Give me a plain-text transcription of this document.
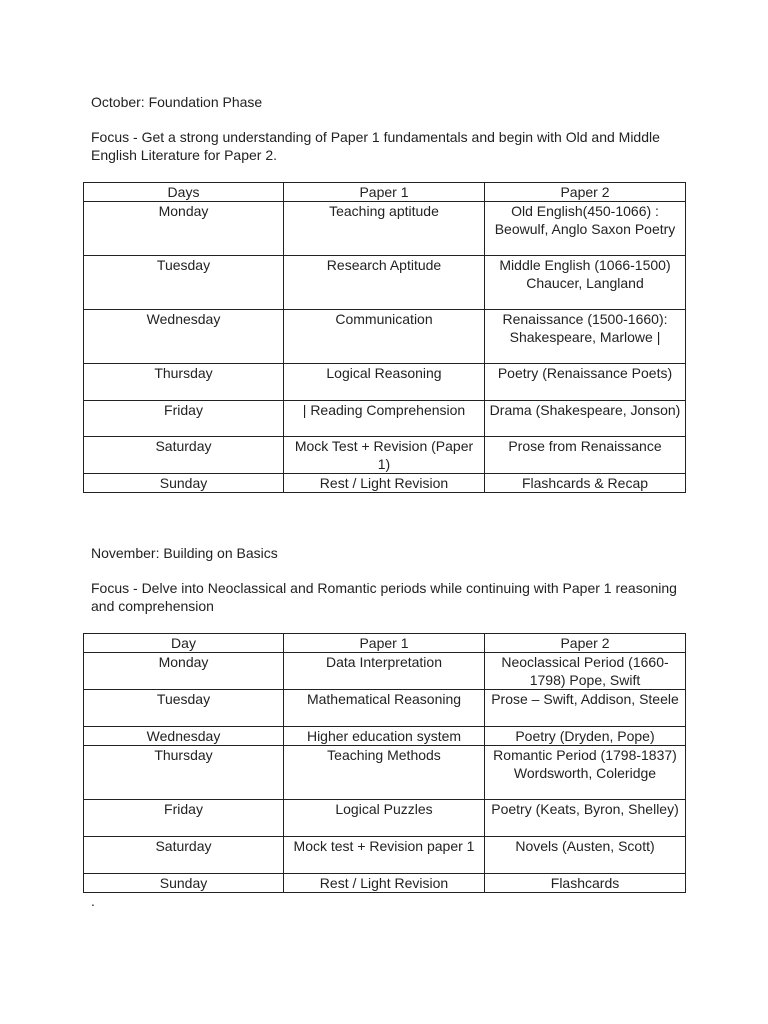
October: Foundation Phase

Focus - Get a strong understanding of Paper 1 fundamentals and begin with Old and Middle English Literature for Paper 2.

Days	Paper 1	Paper 2
Monday	Teaching aptitude	Old English(450-1066) : Beowulf, Anglo Saxon Poetry
Tuesday	Research Aptitude	Middle English (1066-1500) Chaucer, Langland
Wednesday	Communication	Renaissance (1500-1660): Shakespeare, Marlowe |
Thursday	Logical Reasoning	Poetry (Renaissance Poets)
Friday	| Reading Comprehension	Drama (Shakespeare, Jonson)
Saturday	Mock Test + Revision (Paper 1)	Prose from Renaissance
Sunday	Rest / Light Revision	Flashcards & Recap

November: Building on Basics

Focus - Delve into Neoclassical and Romantic periods while continuing with Paper 1 reasoning and comprehension

Day	Paper 1	Paper 2
Monday	Data Interpretation	Neoclassical Period (1660-1798) Pope, Swift
Tuesday	Mathematical Reasoning	Prose – Swift, Addison, Steele
Wednesday	Higher education system	Poetry (Dryden, Pope)
Thursday	Teaching Methods	Romantic Period (1798-1837) Wordsworth, Coleridge
Friday	Logical Puzzles	Poetry (Keats, Byron, Shelley)
Saturday	Mock test + Revision paper 1	Novels (Austen, Scott)
Sunday	Rest / Light Revision	Flashcards
.
